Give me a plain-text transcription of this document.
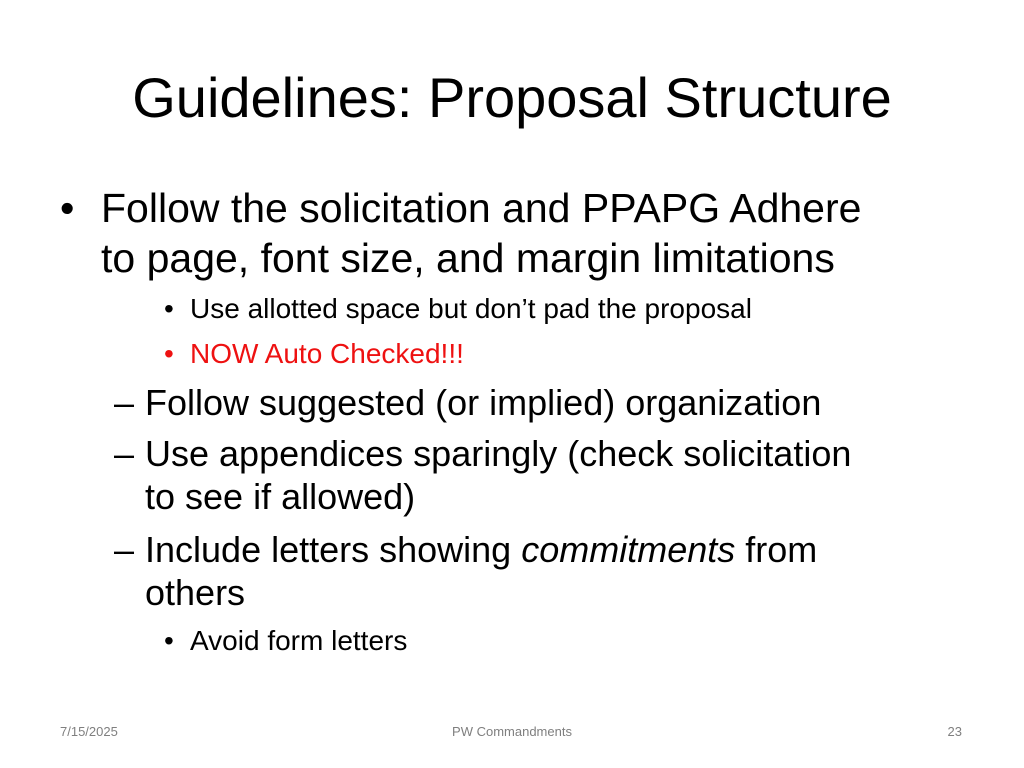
Guidelines: Proposal Structure
• Follow the solicitation and PPAPG Adhere
to page, font size, and margin limitations
• Use allotted space but don’t pad the proposal
• NOW Auto Checked!!!
– Follow suggested (or implied) organization
– Use appendices sparingly (check solicitation
to see if allowed)
– Include letters showing commitments from
others
• Avoid form letters
7/15/2025	PW Commandments	23
